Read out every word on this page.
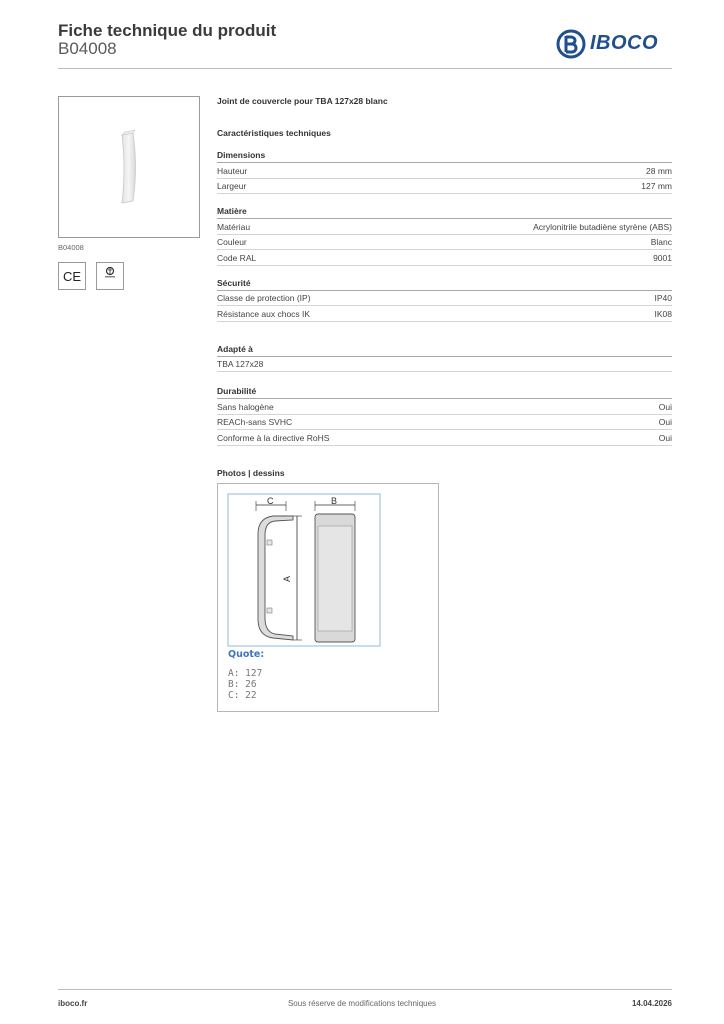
Fiche technique du produit
B04008	IBOCO
B04008
CE
Joint de couvercle pour TBA 127x28 blanc
Caractéristiques techniques
Dimensions
Hauteur	28 mm
Largeur	127 mm
Matière
Matériau	Acrylonitrile butadiène styrène (ABS)
Couleur	Blanc
Code RAL	9001
Sécurité
Classe de protection (IP)	IP40
Résistance aux chocs IK	IK08
Adapté à
TBA 127x28
Durabilité
Sans halogène	Oui
REACh-sans SVHC	Oui
Conforme à la directive RoHS	Oui
Photos | dessins
C	B
A
Quote:
A: 127
B: 26
C: 22
iboco.fr	Sous réserve de modifications techniques	14.04.2026
